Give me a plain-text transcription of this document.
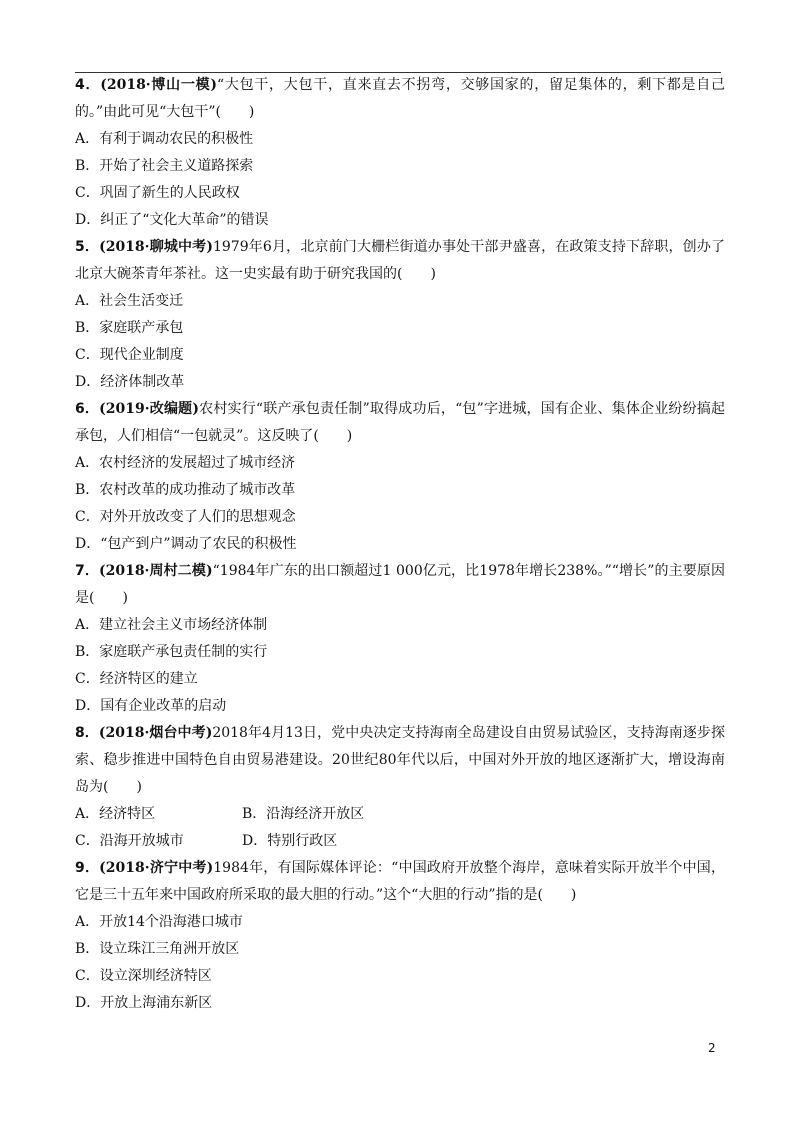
4．(2018·博山一模)“大包干，大包干，直来直去不拐弯，交够国家的，留足集体的，剩下都是自己的。”由此可见“大包干”(　　)

A．有利于调动农民的积极性

B．开始了社会主义道路探索

C．巩固了新生的人民政权

D．纠正了“文化大革命”的错误

5．(2018·聊城中考)1979年6月，北京前门大栅栏街道办事处干部尹盛喜，在政策支持下辞职，创办了北京大碗茶青年茶社。这一史实最有助于研究我国的(　　)

A．社会生活变迁

B．家庭联产承包

C．现代企业制度

D．经济体制改革

6．(2019·改编题)农村实行“联产承包责任制”取得成功后，“包”字进城，国有企业、集体企业纷纷搞起承包，人们相信“一包就灵”。这反映了(　　)

A．农村经济的发展超过了城市经济

B．农村改革的成功推动了城市改革

C．对外开放改变了人们的思想观念

D．“包产到户”调动了农民的积极性

7．(2018·周村二模)“1984年广东的出口额超过1 000亿元，比1978年增长238%。”“增长”的主要原因是(　　)

A．建立社会主义市场经济体制

B．家庭联产承包责任制的实行

C．经济特区的建立

D．国有企业改革的启动

8．(2018·烟台中考)2018年4月13日，党中央决定支持海南全岛建设自由贸易试验区，支持海南逐步探索、稳步推进中国特色自由贸易港建设。20世纪80年代以后，中国对外开放的地区逐渐扩大，增设海南岛为(　　)

A．经济特区	B．沿海经济开放区

C．沿海开放城市	D．特别行政区

9．(2018·济宁中考)1984年，有国际媒体评论：“中国政府开放整个海岸，意味着实际开放半个中国，它是三十五年来中国政府所采取的最大胆的行动。”这个“大胆的行动”指的是(　　)

A．开放14个沿海港口城市

B．设立珠江三角洲开放区

C．设立深圳经济特区

D．开放上海浦东新区

2
